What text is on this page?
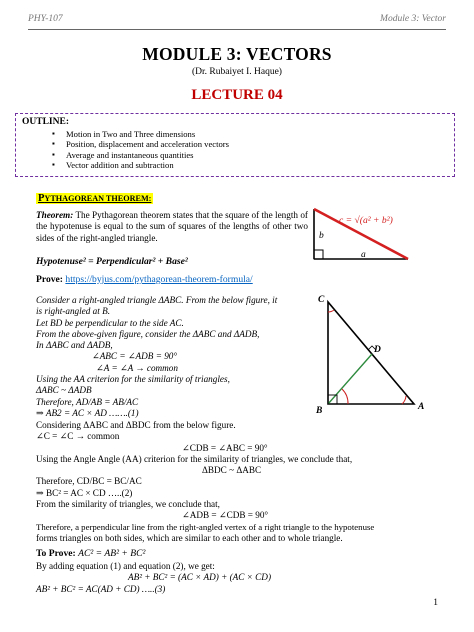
PHY-107	Module 3: Vector
MODULE 3: VECTORS
(Dr. Rubaiyet I. Haque)
LECTURE 04
OUTLINE:
▪ Motion in Two and Three dimensions
▪ Position, displacement and acceleration vectors
▪ Average and instantaneous quantities
▪ Vector addition and subtraction
PYTHAGOREAN THEOREM:
Theorem: The Pythagorean theorem states that the square of the length of the hypotenuse is equal to the sum of squares of the lengths of other two sides of the right-angled triangle.
Hypotenuse² = Perpendicular² + Base²
c = √(a² + b²)
b
a
Prove: https://byjus.com/pythagorean-theorem-formula/
Consider a right-angled triangle ΔABC. From the below figure, it
is right-angled at B.
Let BD be perpendicular to the side AC.
From the above-given figure, consider the ΔABC and ΔADB,
In ΔABC and ΔADB,
∠ABC = ∠ADB = 90°
∠A = ∠A → common
Using the AA criterion for the similarity of triangles,
ΔABC ~ ΔADB
Therefore, AD/AB = AB/AC
⇒ AB2 = AC × AD …….(1)
C
D
B	A
Considering ΔABC and ΔBDC from the below figure.
∠C = ∠C → common
∠CDB = ∠ABC = 90°
Using the Angle Angle (AA) criterion for the similarity of triangles, we conclude that,
ΔBDC ~ ΔABC
Therefore, CD/BC = BC/AC
⇒ BC² = AC × CD …..(2)
From the similarity of triangles, we conclude that,
∠ADB = ∠CDB = 90°
Therefore, a perpendicular line from the right-angled vertex of a right triangle to the hypotenuse
forms triangles on both sides, which are similar to each other and to whole triangle.
To Prove: AC² = AB² + BC²
By adding equation (1) and equation (2), we get:
AB² + BC² = (AC × AD) + (AC × CD)
AB² + BC² = AC(AD + CD) …..(3)
1
